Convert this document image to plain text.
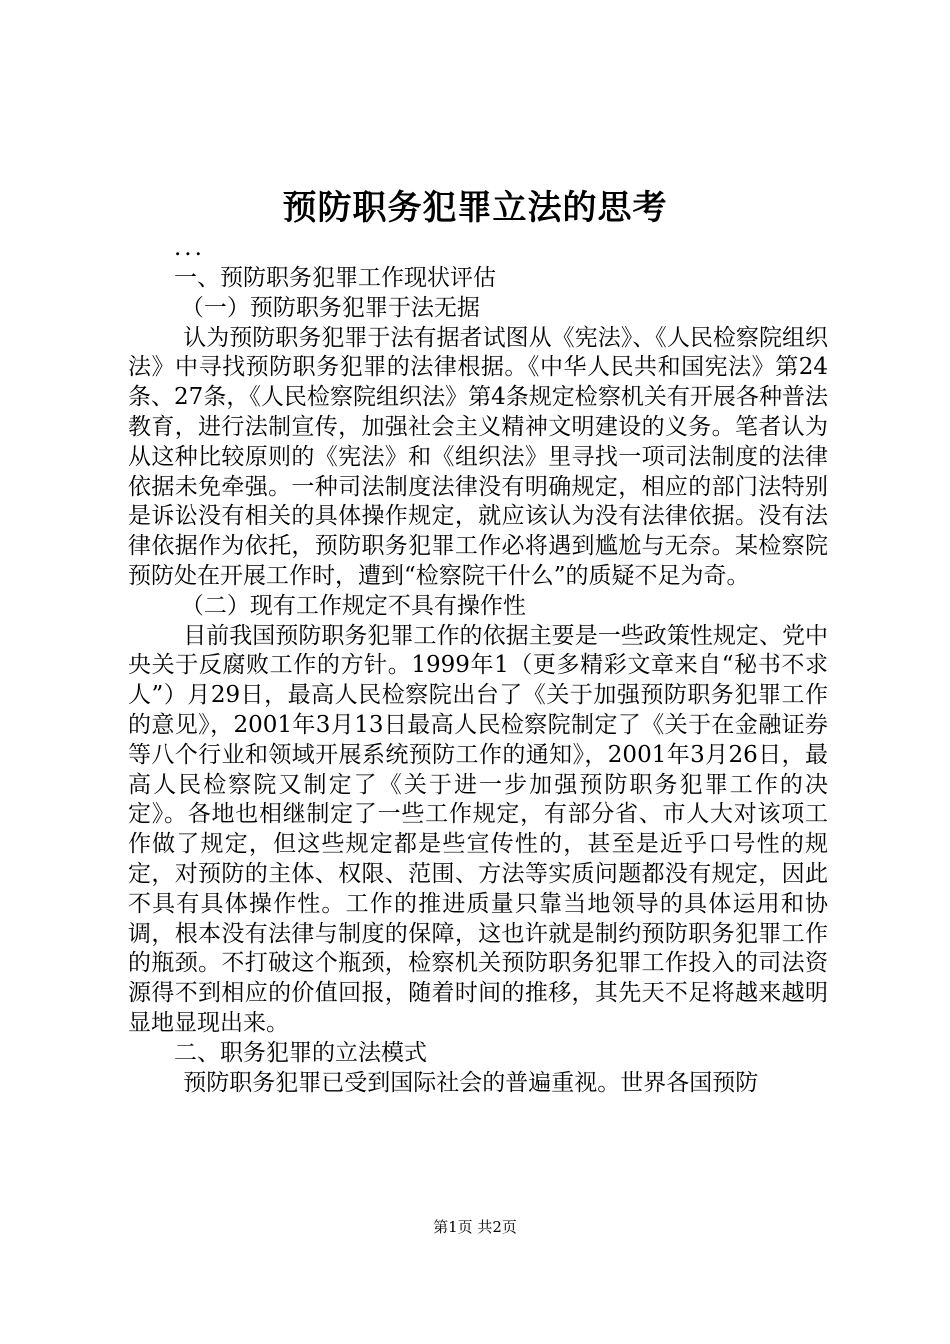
预防职务犯罪立法的思考

...

一、预防职务犯罪工作现状评估

（一）预防职务犯罪于法无据

认为预防职务犯罪于法有据者试图从《宪法》、《人民检察院组织法》中寻找预防职务犯罪的法律根据。《中华人民共和国宪法》第24条、27条，《人民检察院组织法》第4条规定检察机关有开展各种普法教育，进行法制宣传，加强社会主义精神文明建设的义务。笔者认为从这种比较原则的《宪法》和《组织法》里寻找一项司法制度的法律依据未免牵强。一种司法制度法律没有明确规定，相应的部门法特别是诉讼没有相关的具体操作规定，就应该认为没有法律依据。没有法律依据作为依托，预防职务犯罪工作必将遇到尴尬与无奈。某检察院预防处在开展工作时，遭到“检察院干什么”的质疑不足为奇。

（二）现有工作规定不具有操作性

目前我国预防职务犯罪工作的依据主要是一些政策性规定、党中央关于反腐败工作的方针。1999年1（更多精彩文章来自“秘书不求人”）月29日，最高人民检察院出台了《关于加强预防职务犯罪工作的意见》，2001年3月13日最高人民检察院制定了《关于在金融证券等八个行业和领域开展系统预防工作的通知》，2001年3月26日，最高人民检察院又制定了《关于进一步加强预防职务犯罪工作的决定》。各地也相继制定了一些工作规定，有部分省、市人大对该项工作做了规定，但这些规定都是些宣传性的，甚至是近乎口号性的规定，对预防的主体、权限、范围、方法等实质问题都没有规定，因此不具有具体操作性。工作的推进质量只靠当地领导的具体运用和协调，根本没有法律与制度的保障，这也许就是制约预防职务犯罪工作的瓶颈。不打破这个瓶颈，检察机关预防职务犯罪工作投入的司法资源得不到相应的价值回报，随着时间的推移，其先天不足将越来越明显地显现出来。

二、职务犯罪的立法模式

预防职务犯罪已受到国际社会的普遍重视。世界各国预防

第1页 共2页
